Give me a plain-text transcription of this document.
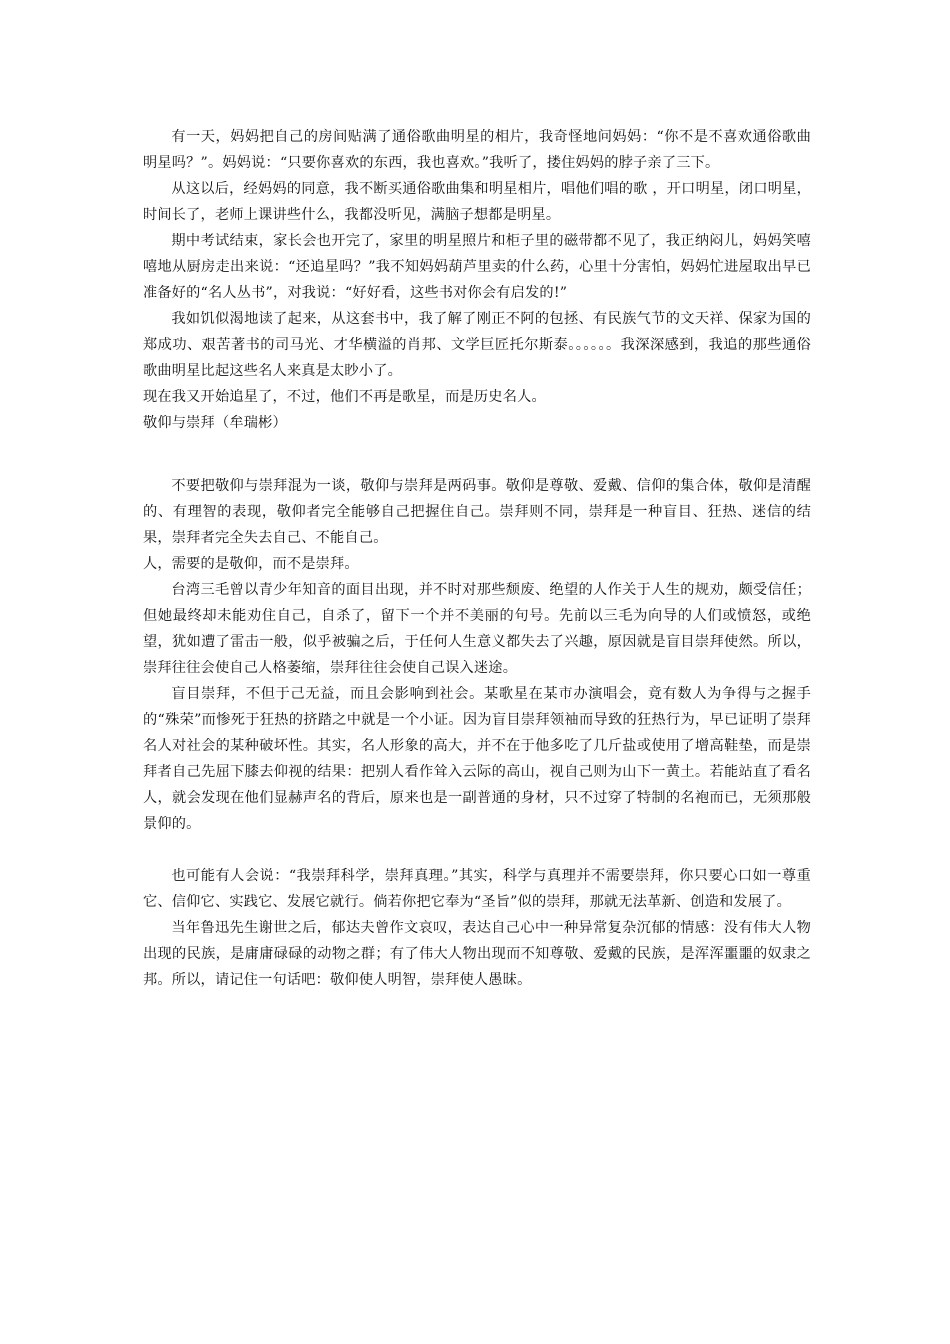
有一天，妈妈把自己的房间贴满了通俗歌曲明星的相片，我奇怪地问妈妈：“你不是不喜欢通俗歌曲明星吗？”。妈妈说：“只要你喜欢的东西，我也喜欢。”我听了，搂住妈妈的脖子亲了三下。

从这以后，经妈妈的同意，我不断买通俗歌曲集和明星相片，唱他们唱的歌 ，开口明星，闭口明星，时间长了，老师上课讲些什么，我都没听见，满脑子想都是明星。

期中考试结束，家长会也开完了，家里的明星照片和柜子里的磁带都不见了，我正纳闷儿，妈妈笑嘻嘻地从厨房走出来说：“还追星吗？”我不知妈妈葫芦里卖的什么药，心里十分害怕，妈妈忙进屋取出早已准备好的“名人丛书”，对我说：“好好看，这些书对你会有启发的!”

我如饥似渴地读了起来，从这套书中，我了解了刚正不阿的包拯、有民族气节的文天祥、保家为国的郑成功、艰苦著书的司马光、才华横溢的肖邦、文学巨匠托尔斯泰。。。。。。我深深感到，我追的那些通俗歌曲明星比起这些名人来真是太眇小了。

现在我又开始追星了，不过，他们不再是歌星，而是历史名人。

敬仰与崇拜（牟瑞彬）

不要把敬仰与崇拜混为一谈，敬仰与崇拜是两码事。敬仰是尊敬、爱戴、信仰的集合体，敬仰是清醒的、有理智的表现，敬仰者完全能够自己把握住自己。崇拜则不同，崇拜是一种盲目、狂热、迷信的结果，崇拜者完全失去自己、不能自己。

人，需要的是敬仰，而不是崇拜。

台湾三毛曾以青少年知音的面目出现，并不时对那些颓废、绝望的人作关于人生的规劝，颇受信任；但她最终却未能劝住自己，自杀了，留下一个并不美丽的句号。先前以三毛为向导的人们或愤怒，或绝望，犹如遭了雷击一般，似乎被骗之后，于任何人生意义都失去了兴趣，原因就是盲目崇拜使然。所以，崇拜往往会使自己人格萎缩，崇拜往往会使自己误入迷途。

盲目崇拜，不但于己无益，而且会影响到社会。某歌星在某市办演唱会，竟有数人为争得与之握手的“殊荣”而惨死于狂热的挤踏之中就是一个小证。因为盲目崇拜领袖而导致的狂热行为，早已证明了崇拜名人对社会的某种破坏性。其实，名人形象的高大，并不在于他多吃了几斤盐或使用了增高鞋垫，而是崇拜者自己先屈下膝去仰视的结果：把别人看作耸入云际的高山，视自己则为山下一黄土。若能站直了看名人，就会发现在他们显赫声名的背后，原来也是一副普通的身材，只不过穿了特制的名袍而已，无须那般景仰的。

也可能有人会说：“我崇拜科学，崇拜真理。”其实，科学与真理并不需要崇拜，你只要心口如一尊重它、信仰它、实践它、发展它就行。倘若你把它奉为“圣旨”似的崇拜，那就无法革新、创造和发展了。

当年鲁迅先生谢世之后，郁达夫曾作文哀叹，表达自己心中一种异常复杂沉郁的情感：没有伟大人物出现的民族，是庸庸碌碌的动物之群；有了伟大人物出现而不知尊敬、爱戴的民族，是浑浑噩噩的奴隶之邦。所以，请记住一句话吧：敬仰使人明智，崇拜使人愚昧。
